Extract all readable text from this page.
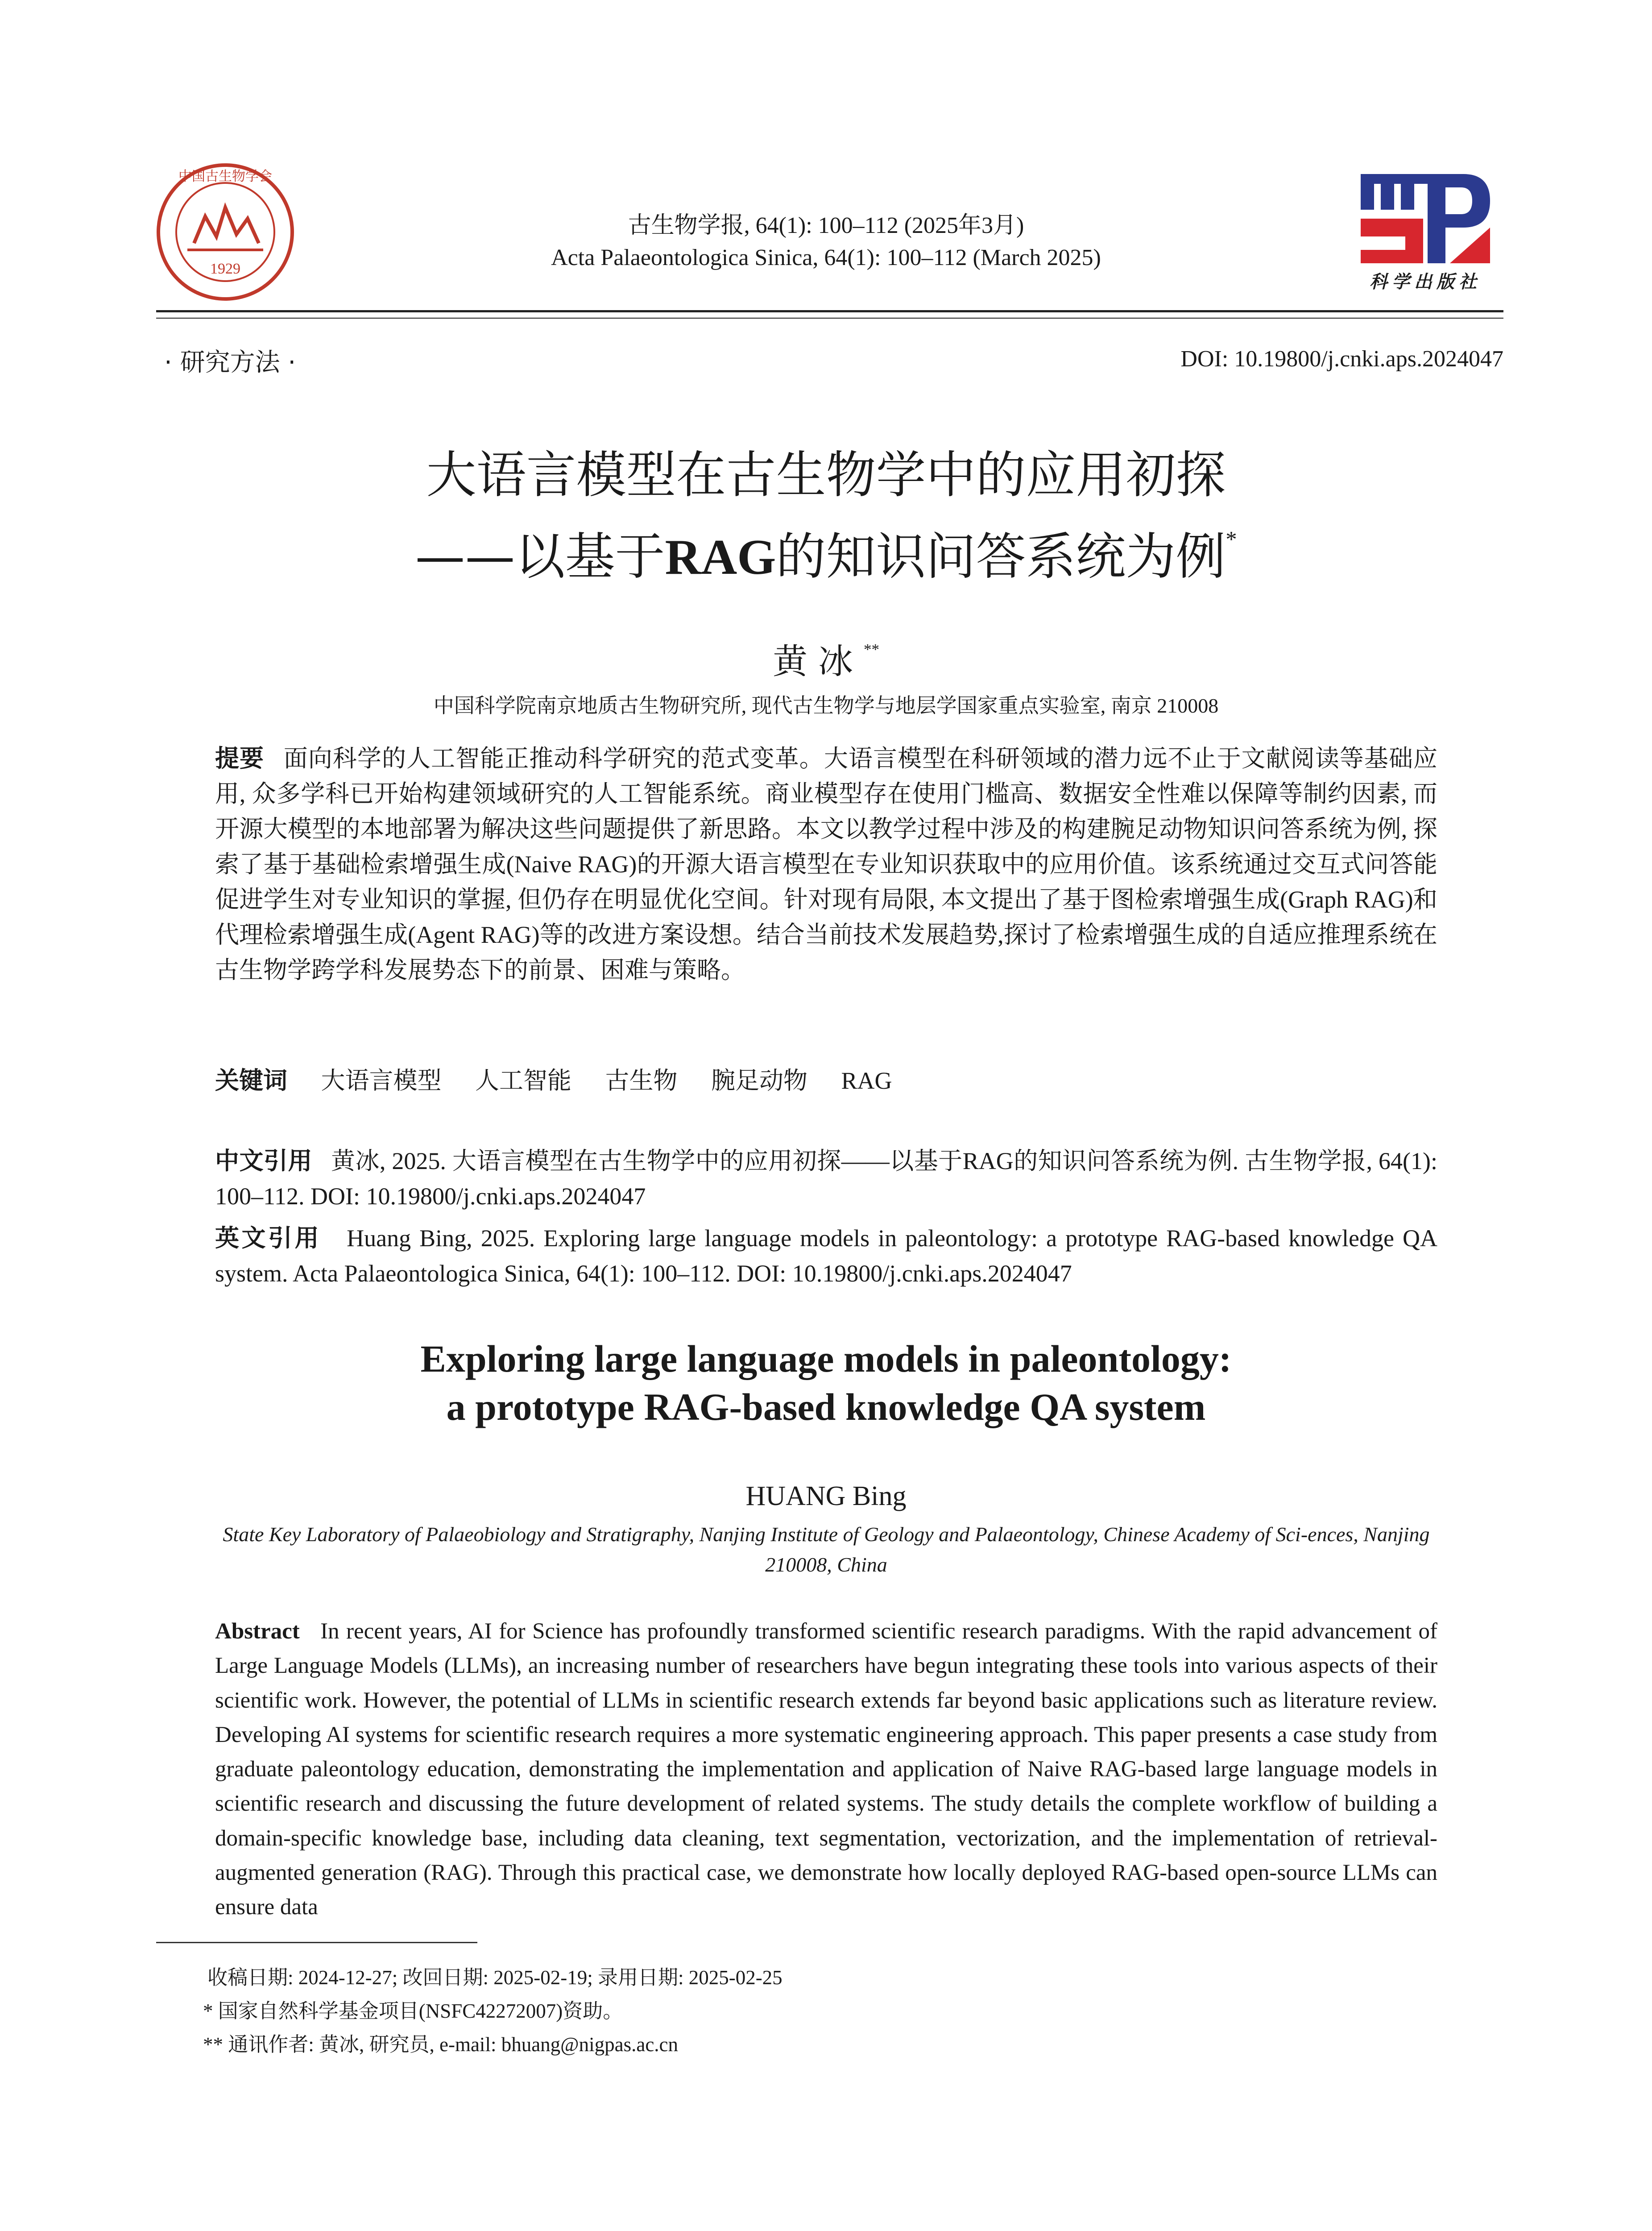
1929
中国古生物学会
古生物学报, 64(1): 100–112 (2025年3月)
Acta Palaeontologica Sinica, 64(1): 100–112 (March 2025)
科学出版社
· 研究方法 ·	DOI: 10.19800/j.cnki.aps.2024047
大语言模型在古生物学中的应用初探
——以基于RAG的知识问答系统为例*
黄冰**
中国科学院南京地质古生物研究所, 现代古生物学与地层学国家重点实验室, 南京 210008
提要 面向科学的人工智能正推动科学研究的范式变革。大语言模型在科研领域的潜力远不止于文献阅读等基础应用, 众多学科已开始构建领域研究的人工智能系统。商业模型存在使用门槛高、数据安全性难以保障等制约因素, 而开源大模型的本地部署为解决这些问题提供了新思路。本文以教学过程中涉及的构建腕足动物知识问答系统为例, 探索了基于基础检索增强生成(Naive RAG)的开源大语言模型在专业知识获取中的应用价值。该系统通过交互式问答能促进学生对专业知识的掌握, 但仍存在明显优化空间。针对现有局限, 本文提出了基于图检索增强生成(Graph RAG)和代理检索增强生成(Agent RAG)等的改进方案设想。结合当前技术发展趋势,探讨了检索增强生成的自适应推理系统在古生物学跨学科发展势态下的前景、困难与策略。
关键词 大语言模型 人工智能 古生物 腕足动物 RAG
中文引用 黄冰, 2025. 大语言模型在古生物学中的应用初探——以基于RAG的知识问答系统为例. 古生物学报, 64(1): 100–112. DOI: 10.19800/j.cnki.aps.2024047
英文引用 Huang Bing, 2025. Exploring large language models in paleontology: a prototype RAG-based knowledge QA system. Acta Palaeontologica Sinica, 64(1): 100–112. DOI: 10.19800/j.cnki.aps.2024047
Exploring large language models in paleontology:
a prototype RAG-based knowledge QA system
HUANG Bing
State Key Laboratory of Palaeobiology and Stratigraphy, Nanjing Institute of Geology and Palaeontology, Chinese Academy of Sci-ences, Nanjing 210008, China
Abstract In recent years, AI for Science has profoundly transformed scientific research paradigms. With the rapid advancement of Large Language Models (LLMs), an increasing number of researchers have begun integrating these tools into various aspects of their scientific work. However, the potential of LLMs in scientific research extends far beyond basic applications such as literature review. Developing AI systems for scientific research requires a more systematic engineering approach. This paper presents a case study from graduate paleontology education, demonstrating the implementation and application of Naive RAG-based large language models in scientific research and discussing the future development of related systems. The study details the complete workflow of building a domain-specific knowledge base, including data cleaning, text segmentation, vectorization, and the implementation of retrieval-augmented generation (RAG). Through this practical case, we demonstrate how locally deployed RAG-based open-source LLMs can ensure data
收稿日期: 2024-12-27; 改回日期: 2025-02-19; 录用日期: 2025-02-25
* 国家自然科学基金项目(NSFC42272007)资助。
** 通讯作者: 黄冰, 研究员, e-mail: bhuang@nigpas.ac.cn
